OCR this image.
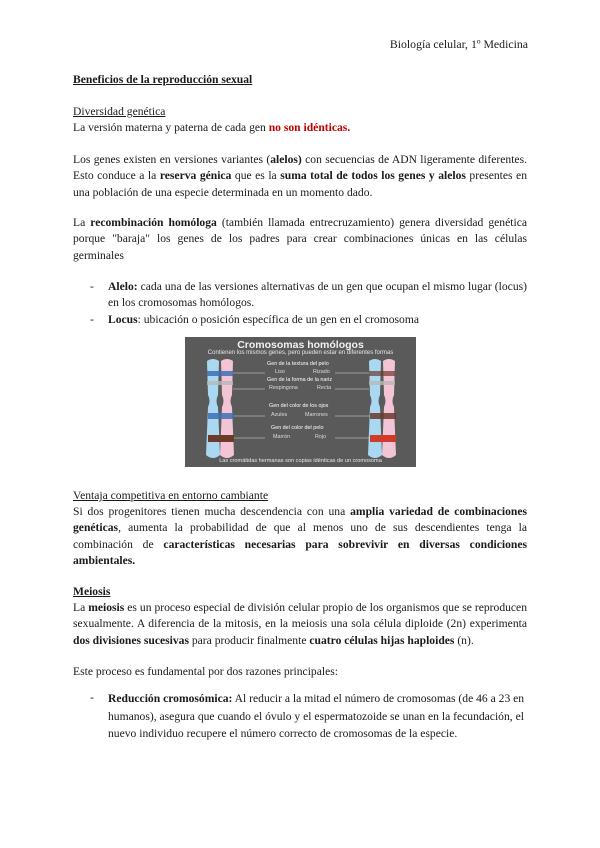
Biología celular, 1º Medicina
Beneficios de la reproducción sexual
Diversidad genética
La versión materna y paterna de cada gen no son idénticas.
Los genes existen en versiones variantes (alelos) con secuencias de ADN ligeramente diferentes. Esto conduce a la reserva génica que es la suma total de todos los genes y alelos presentes en una población de una especie determinada en un momento dado.
La recombinación homóloga (también llamada entrecruzamiento) genera diversidad genética porque "baraja" los genes de los padres para crear combinaciones únicas en las células germinales
- Alelo: cada una de las versiones alternativas de un gen que ocupan el mismo lugar (locus) en los cromosomas homólogos.
- Locus: ubicación o posición específica de un gen en el cromosoma
Cromosomas homólogos
Contienen los mismos genes, pero pueden estar en diferentes formas
Gen de la textura del pelo
Liso	Rizado
Gen de la forma de la nariz
Respingona	Recta
Gen del color de los ojos
Azules	Marrones
Gen del color del pelo
Marrón	Rojo
Las cromátidas hermanas son copias idénticas de un cromosoma
Ventaja competitiva en entorno cambiante
Si dos progenitores tienen mucha descendencia con una amplia variedad de combinaciones genéticas, aumenta la probabilidad de que al menos uno de sus descendientes tenga la combinación de características necesarias para sobrevivir en diversas condiciones ambientales.
Meiosis
La meiosis es un proceso especial de división celular propio de los organismos que se reproducen sexualmente. A diferencia de la mitosis, en la meiosis una sola célula diploide (2n) experimenta dos divisiones sucesivas para producir finalmente cuatro células hijas haploides (n).
Este proceso es fundamental por dos razones principales:
- Reducción cromosómica: Al reducir a la mitad el número de cromosomas (de 46 a 23 en humanos), asegura que cuando el óvulo y el espermatozoide se unan en la fecundación, el nuevo individuo recupere el número correcto de cromosomas de la especie.
